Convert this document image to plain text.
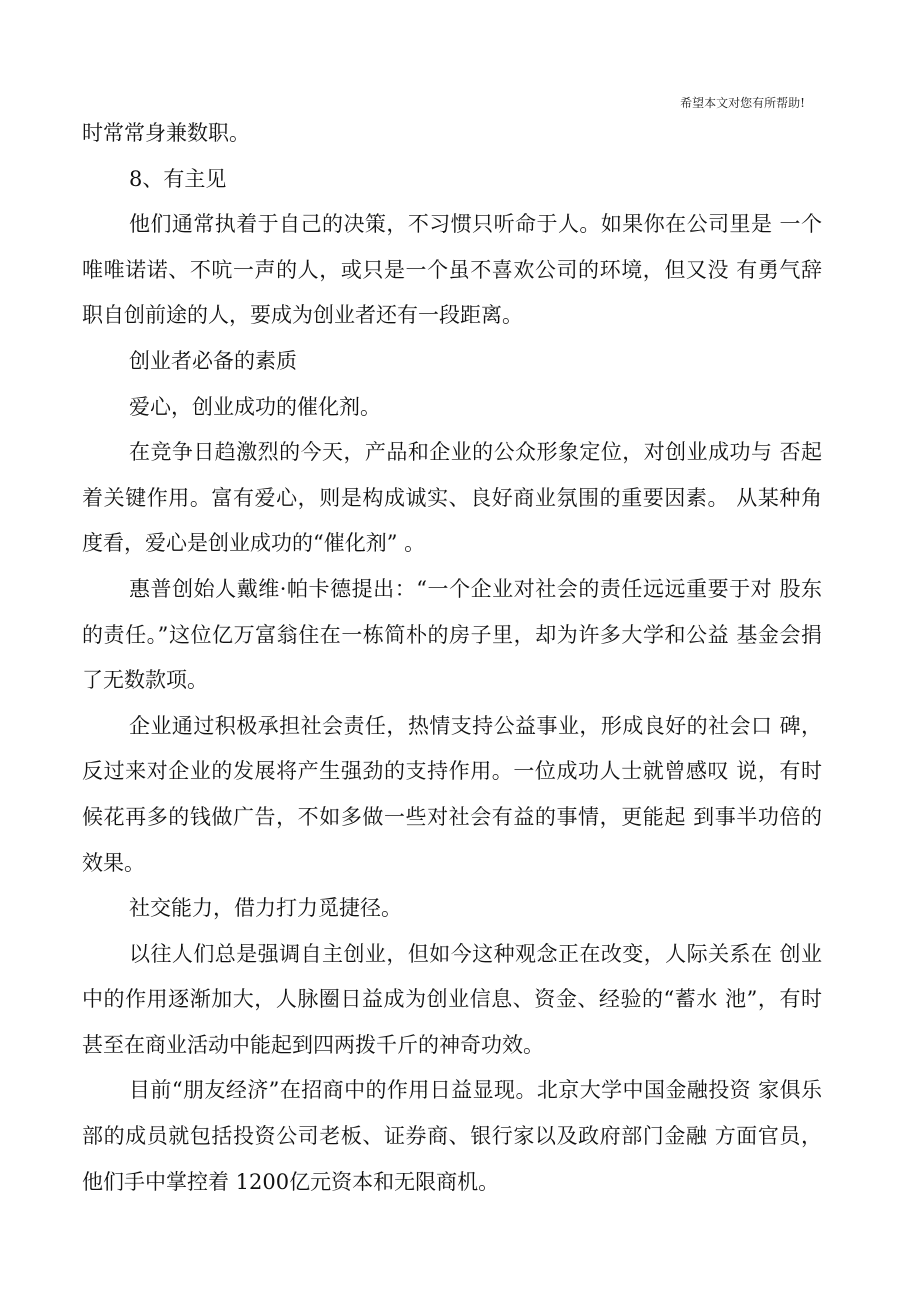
希望本文对您有所帮助!

时常常身兼数职。

8、有主见

他们通常执着于自己的决策，不习惯只听命于人。如果你在公司里是 一个唯唯诺诺、不吭一声的人，或只是一个虽不喜欢公司的环境，但又没 有勇气辞职自创前途的人，要成为创业者还有一段距离。

创业者必备的素质

爱心，创业成功的催化剂。

在竞争日趋激烈的今天，产品和企业的公众形象定位，对创业成功与 否起着关键作用。富有爱心，则是构成诚实、良好商业氛围的重要因素。 从某种角度看，爱心是创业成功的“催化剂” 。

惠普创始人戴维·帕卡德提出：“一个企业对社会的责任远远重要于对 股东的责任。”这位亿万富翁住在一栋简朴的房子里，却为许多大学和公益 基金会捐了无数款项。

企业通过积极承担社会责任，热情支持公益事业，形成良好的社会口 碑，反过来对企业的发展将产生强劲的支持作用。一位成功人士就曾感叹 说，有时候花再多的钱做广告，不如多做一些对社会有益的事情，更能起 到事半功倍的效果。

社交能力，借力打力觅捷径。

以往人们总是强调自主创业，但如今这种观念正在改变，人际关系在 创业中的作用逐渐加大，人脉圈日益成为创业信息、资金、经验的“蓄水 池”，有时甚至在商业活动中能起到四两拨千斤的神奇功效。

目前“朋友经济”在招商中的作用日益显现。北京大学中国金融投资 家俱乐部的成员就包括投资公司老板、证券商、银行家以及政府部门金融 方面官员，他们手中掌控着 1200亿元资本和无限商机。
